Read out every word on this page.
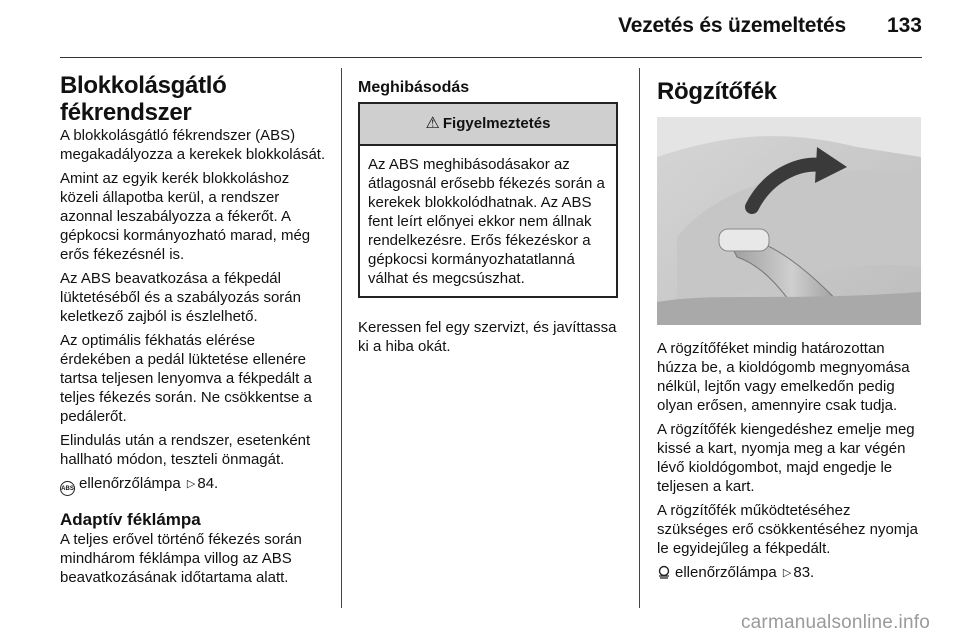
Vezetés és üzemeltetés	133
Blokkolásgátló
fékrendszer

A blokkolásgátló fékrendszer (ABS) megakadályozza a kerekek blokkolását.

Amint az egyik kerék blokkoláshoz közeli állapotba kerül, a rendszer azonnal leszabályozza a fékerőt. A gépkocsi kormányozható marad, még erős fékezésnél is.

Az ABS beavatkozása a fékpedál lüktetéséből és a szabályozás során keletkező zajból is észlelhető.

Az optimális fékhatás elérése érdekében a pedál lüktetése ellenére tartsa teljesen lenyomva a fékpedált a teljes fékezés során. Ne csökkentse a pedálerőt.

Elindulás után a rendszer, esetenként hallható módon, teszteli önmagát.

ABS ellenőrzőlámpa ▷ 84.

Adaptív féklámpa

A teljes erővel történő fékezés során mindhárom féklámpa villog az ABS beavatkozásának időtartama alatt.

Meghibásodás
⚠ Figyelmeztetés

Az ABS meghibásodásakor az átlagosnál erősebb fékezés során a kerekek blokkolódhatnak. Az ABS fent leírt előnyei ekkor nem állnak rendelkezésre. Erős fékezéskor a gépkocsi kormányozhatatlanná válhat és megcsúszhat.

Keressen fel egy szervizt, és javíttassa ki a hiba okát.

Rögzítőfék

A rögzítőféket mindig határozottan húzza be, a kioldógomb megnyomása nélkül, lejtőn vagy emelkedőn pedig olyan erősen, amennyire csak tudja.

A rögzítőfék kiengedéshez emelje meg kissé a kart, nyomja meg a kar végén lévő kioldógombot, majd engedje le teljesen a kart.

A rögzítőfék működtetéséhez szükséges erő csökkentéséhez nyomja le egyidejűleg a fékpedált.

ellenőrzőlámpa ▷ 83.

carmanualsonline.info
